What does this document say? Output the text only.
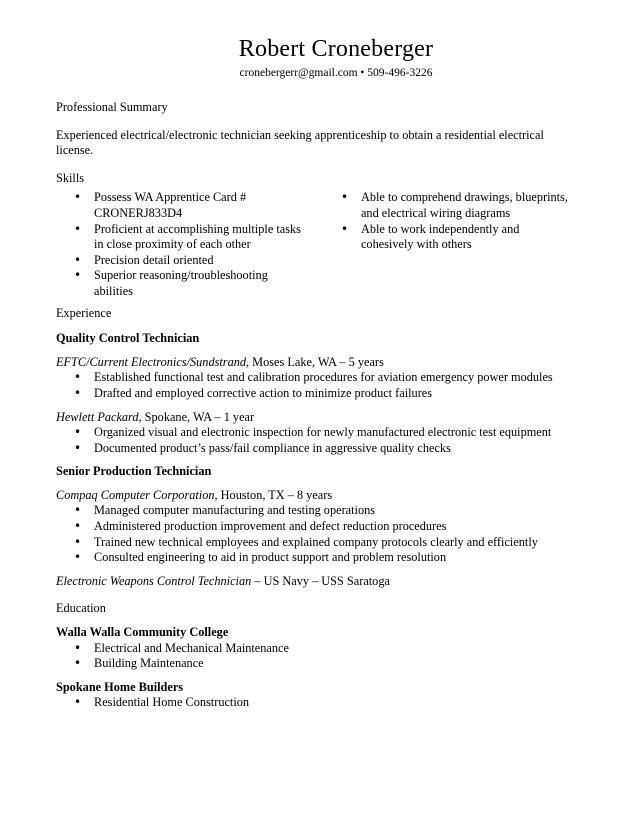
Robert Croneberger
cronebergerr@gmail.com • 509-496-3226

Professional Summary

Experienced electrical/electronic technician seeking apprenticeship to obtain a residential electrical license.

Skills

• Possess WA Apprentice Card # CRONERJ833D4
• Proficient at accomplishing multiple tasks in close proximity of each other
• Precision detail oriented
• Superior reasoning/troubleshooting abilities
• Able to comprehend drawings, blueprints, and electrical wiring diagrams
• Able to work independently and cohesively with others

Experience

Quality Control Technician

EFTC/Current Electronics/Sundstrand, Moses Lake, WA – 5 years

• Established functional test and calibration procedures for aviation emergency power modules
• Drafted and employed corrective action to minimize product failures

Hewlett Packard, Spokane, WA – 1 year

• Organized visual and electronic inspection for newly manufactured electronic test equipment
• Documented product’s pass/fail compliance in aggressive quality checks

Senior Production Technician

Compaq Computer Corporation, Houston, TX – 8 years

• Managed computer manufacturing and testing operations
• Administered production improvement and defect reduction procedures
• Trained new technical employees and explained company protocols clearly and efficiently
• Consulted engineering to aid in product support and problem resolution

Electronic Weapons Control Technician – US Navy – USS Saratoga

Education

Walla Walla Community College

• Electrical and Mechanical Maintenance
• Building Maintenance

Spokane Home Builders

• Residential Home Construction
